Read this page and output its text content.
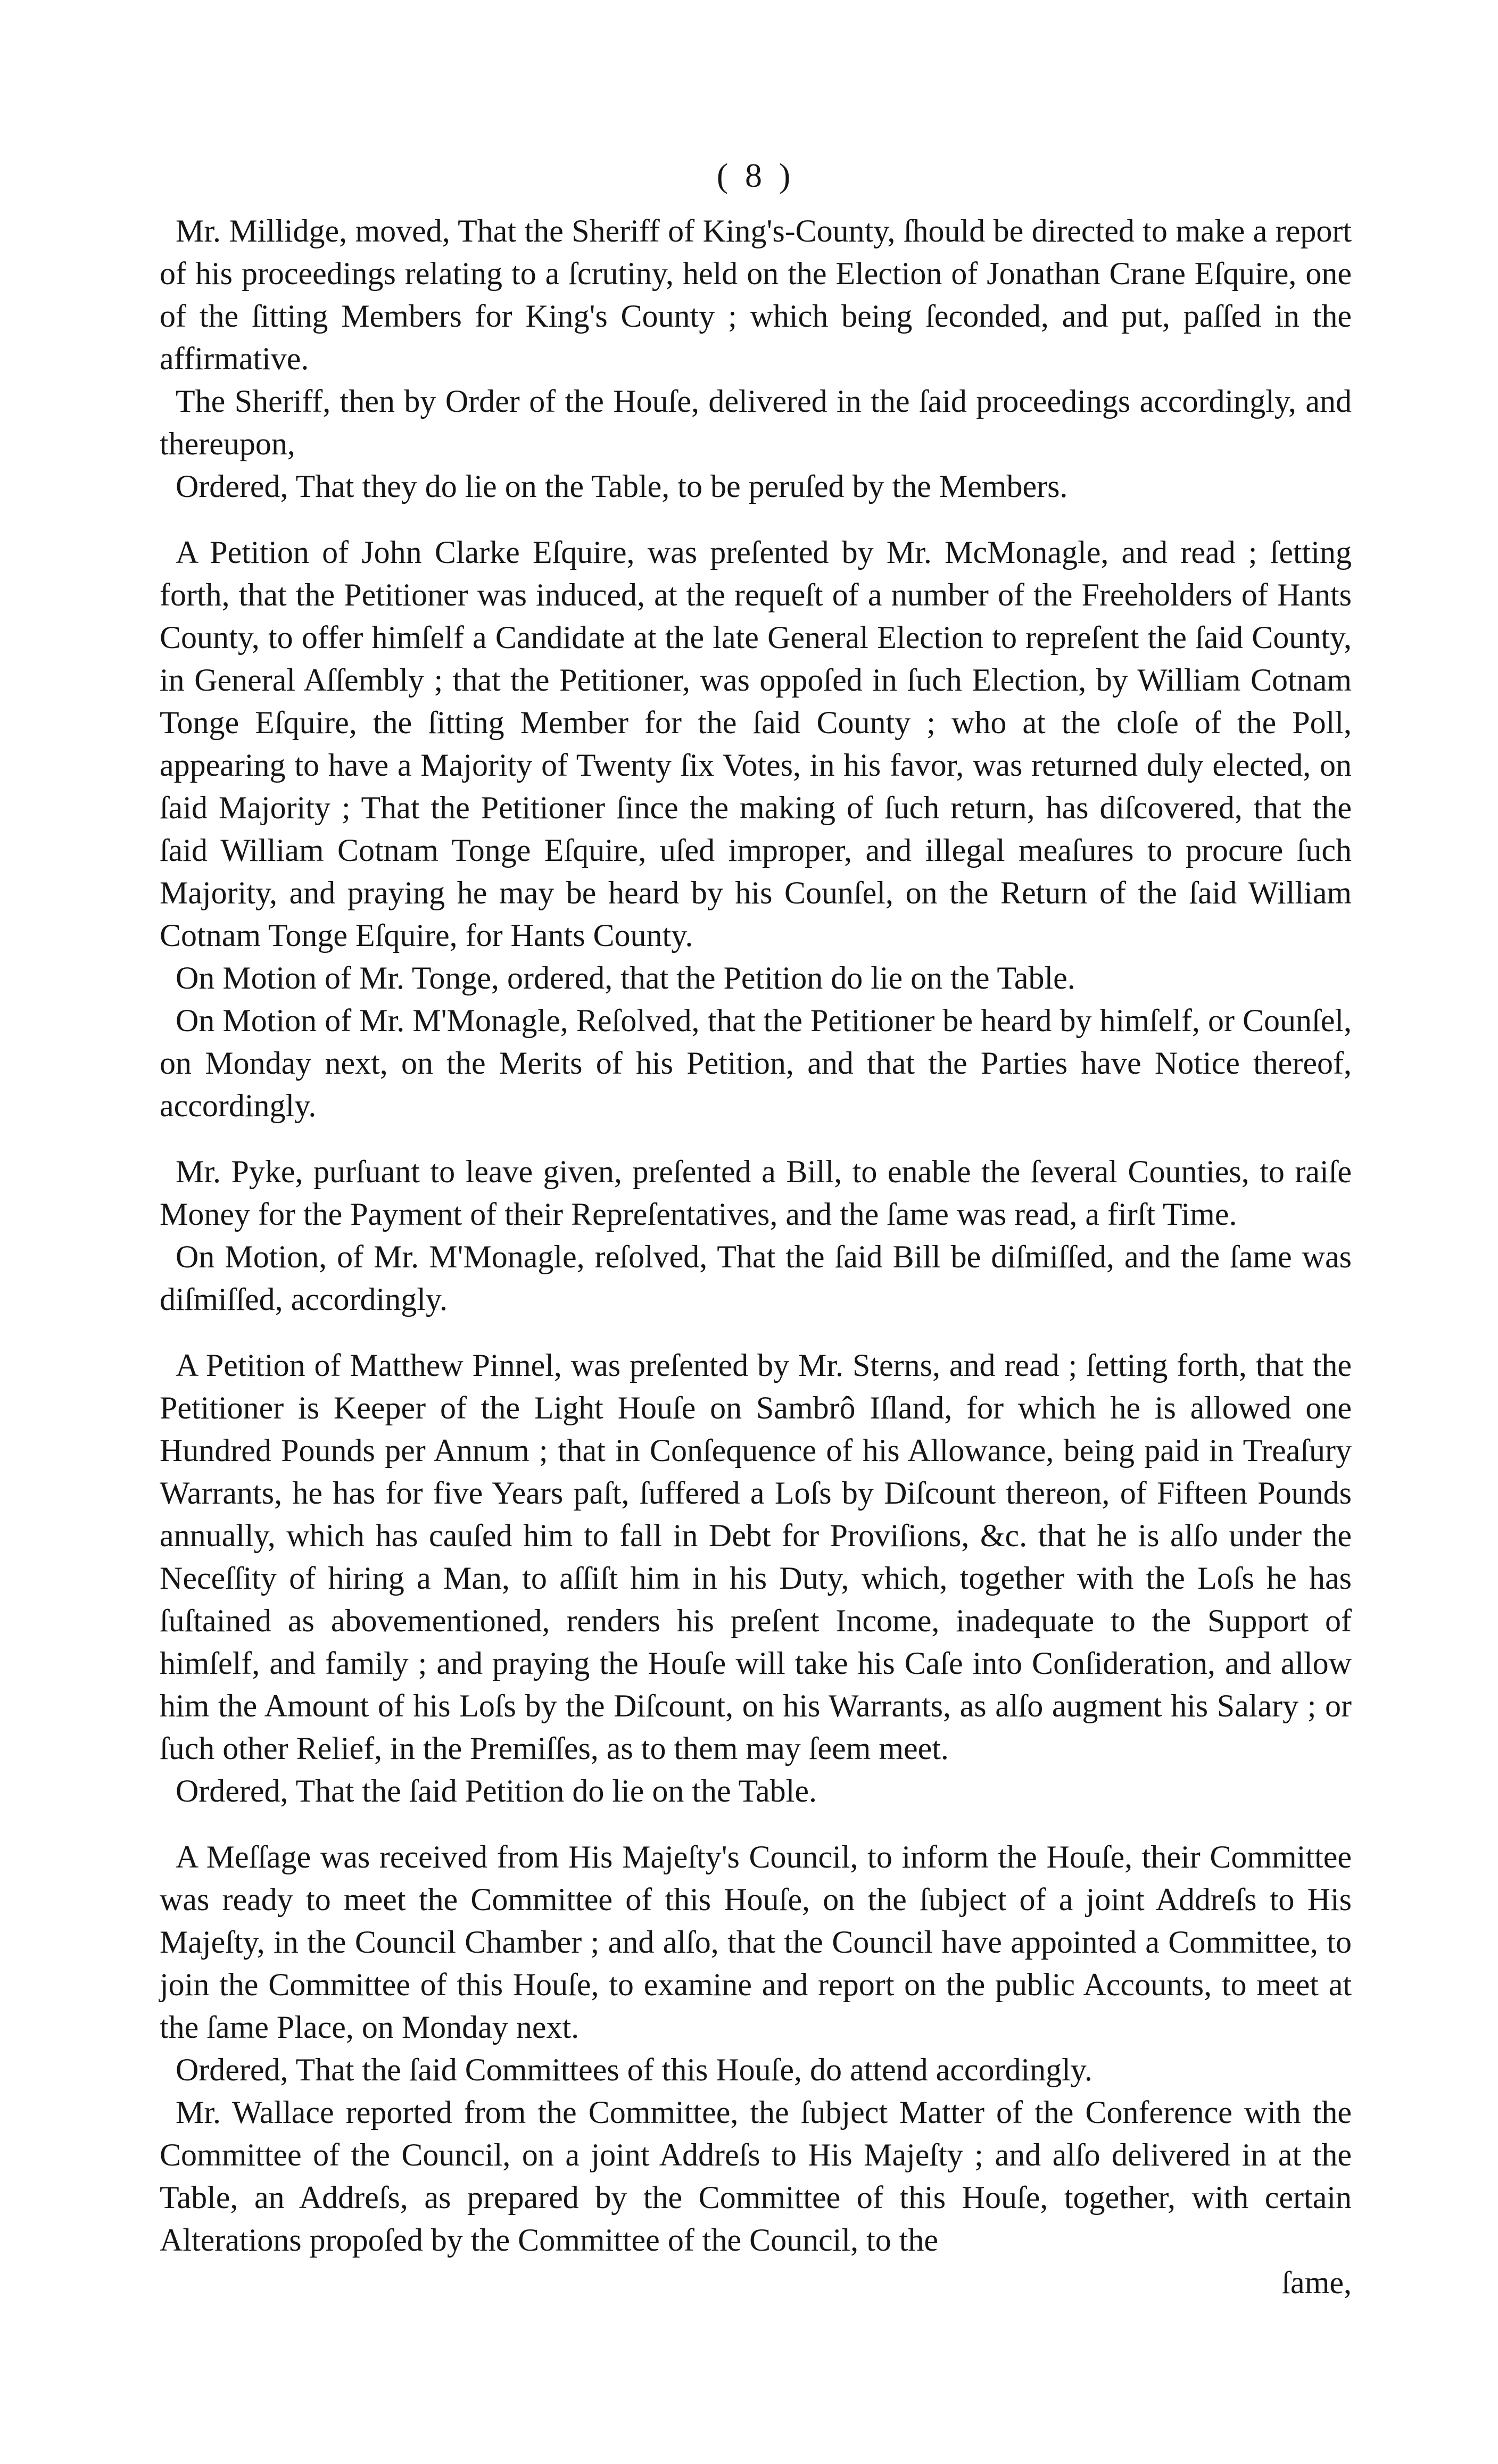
( 8 )

Mr. Millidge, moved, That the Sheriff of King's-County, ſhould be directed to make a report of his proceedings relating to a ſcrutiny, held on the Election of Jonathan Crane Eſquire, one of the ſitting Members for King's County ; which being ſeconded, and put, paſſed in the affirmative.

The Sheriff, then by Order of the Houſe, delivered in the ſaid proceedings accordingly, and thereupon,

Ordered, That they do lie on the Table, to be peruſed by the Members.

A Petition of John Clarke Eſquire, was preſented by Mr. McMonagle, and read ; ſetting forth, that the Petitioner was induced, at the requeſt of a number of the Freeholders of Hants County, to offer himſelf a Candidate at the late General Election to repreſent the ſaid County, in General Aſſembly ; that the Petitioner, was oppoſed in ſuch Election, by William Cotnam Tonge Eſquire, the ſitting Member for the ſaid County ; who at the cloſe of the Poll, appearing to have a Majority of Twenty ſix Votes, in his favor, was returned duly elected, on ſaid Majority ; That the Petitioner ſince the making of ſuch return, has diſcovered, that the ſaid William Cotnam Tonge Eſquire, uſed improper, and illegal meaſures to procure ſuch Majority, and praying he may be heard by his Counſel, on the Return of the ſaid William Cotnam Tonge Eſquire, for Hants County.

On Motion of Mr. Tonge, ordered, that the Petition do lie on the Table.

On Motion of Mr. M'Monagle, Reſolved, that the Petitioner be heard by himſelf, or Counſel, on Monday next, on the Merits of his Petition, and that the Parties have Notice thereof, accordingly.

Mr. Pyke, purſuant to leave given, preſented a Bill, to enable the ſeveral Counties, to raiſe Money for the Payment of their Repreſentatives, and the ſame was read, a firſt Time.

On Motion, of Mr. M'Monagle, reſolved, That the ſaid Bill be diſmiſſed, and the ſame was diſmiſſed, accordingly.

A Petition of Matthew Pinnel, was preſented by Mr. Sterns, and read ; ſetting forth, that the Petitioner is Keeper of the Light Houſe on Sambrô Iſland, for which he is allowed one Hundred Pounds per Annum ; that in Conſequence of his Allowance, being paid in Treaſury Warrants, he has for five Years paſt, ſuffered a Loſs by Diſcount thereon, of Fifteen Pounds annually, which has cauſed him to fall in Debt for Proviſions, &c. that he is alſo under the Neceſſity of hiring a Man, to aſſiſt him in his Duty, which, together with the Loſs he has ſuſtained as abovementioned, renders his preſent Income, inadequate to the Support of himſelf, and family ; and praying the Houſe will take his Caſe into Conſideration, and allow him the Amount of his Loſs by the Diſcount, on his Warrants, as alſo augment his Salary ; or ſuch other Relief, in the Premiſſes, as to them may ſeem meet.

Ordered, That the ſaid Petition do lie on the Table.

A Meſſage was received from His Majeſty's Council, to inform the Houſe, their Committee was ready to meet the Committee of this Houſe, on the ſubject of a joint Addreſs to His Majeſty, in the Council Chamber ; and alſo, that the Council have appointed a Committee, to join the Committee of this Houſe, to examine and report on the public Accounts, to meet at the ſame Place, on Monday next.

Ordered, That the ſaid Committees of this Houſe, do attend accordingly.

Mr. Wallace reported from the Committee, the ſubject Matter of the Conference with the Committee of the Council, on a joint Addreſs to His Majeſty ; and alſo delivered in at the Table, an Addreſs, as prepared by the Committee of this Houſe, together, with certain Alterations propoſed by the Committee of the Council, to the

ſame,
